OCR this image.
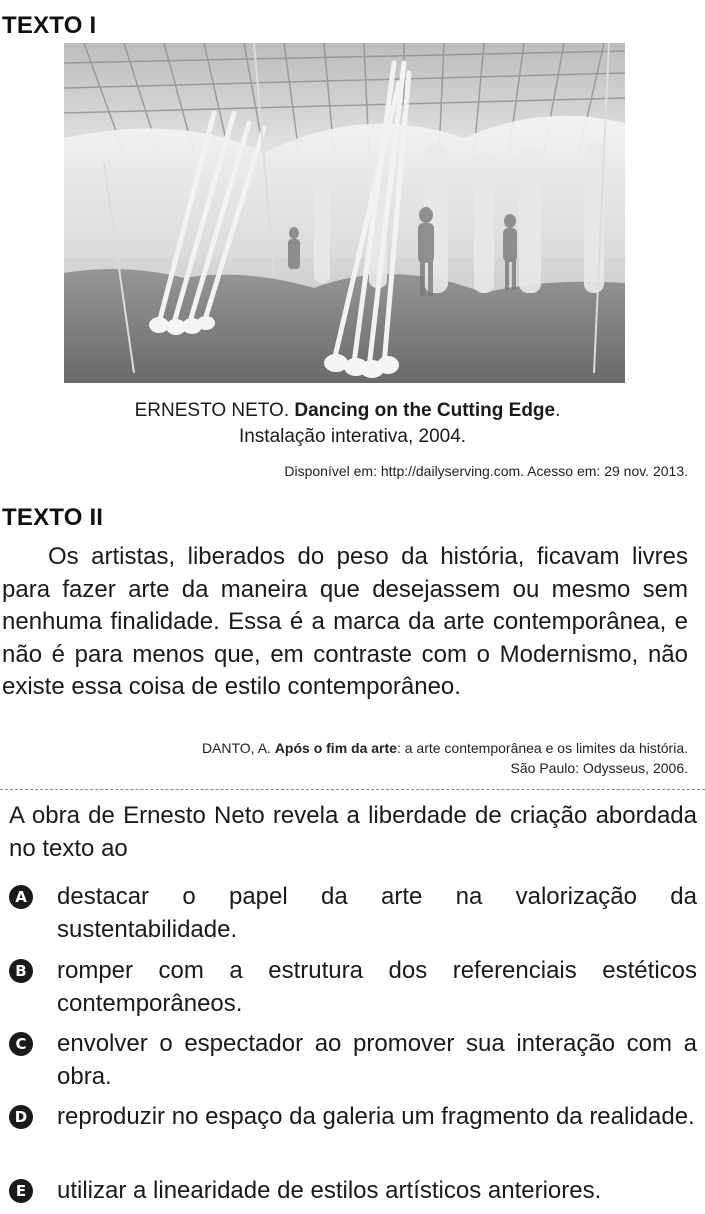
TEXTO I
ERNESTO NETO. Dancing on the Cutting Edge.
Instalação interativa, 2004.
Disponível em: http://dailyserving.com. Acesso em: 29 nov. 2013.
TEXTO II

Os artistas, liberados do peso da história, ficavam livres para fazer arte da maneira que desejassem ou mesmo sem nenhuma finalidade. Essa é a marca da arte contemporânea, e não é para menos que, em contraste com o Modernismo, não existe essa coisa de estilo contemporâneo.

DANTO, A. Após o fim da arte: a arte contemporânea e os limites da história.
São Paulo: Odysseus, 2006.

A obra de Ernesto Neto revela a liberdade de criação abordada no texto ao

A destacar o papel da arte na valorização da sustentabilidade.

B romper com a estrutura dos referenciais estéticos contemporâneos.

C envolver o espectador ao promover sua interação com a obra.

D reproduzir no espaço da galeria um fragmento da realidade.

E utilizar a linearidade de estilos artísticos anteriores.
